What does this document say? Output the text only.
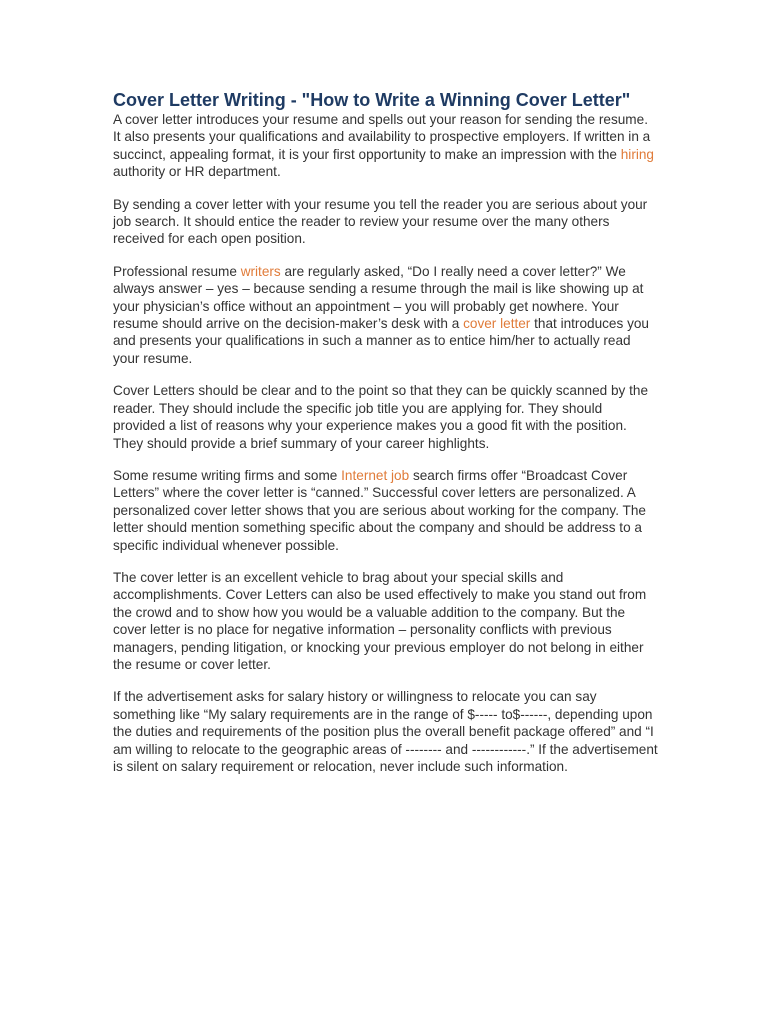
Cover Letter Writing - "How to Write a Winning Cover Letter"

A cover letter introduces your resume and spells out your reason for sending the resume. It also presents your qualifications and availability to prospective employers. If written in a succinct, appealing format, it is your first opportunity to make an impression with the hiring authority or HR department.

By sending a cover letter with your resume you tell the reader you are serious about your job search. It should entice the reader to review your resume over the many others received for each open position.

Professional resume writers are regularly asked, “Do I really need a cover letter?” We always answer – yes – because sending a resume through the mail is like showing up at your physician’s office without an appointment – you will probably get nowhere. Your resume should arrive on the decision-maker’s desk with a cover letter that introduces you and presents your qualifications in such a manner as to entice him/her to actually read your resume.

Cover Letters should be clear and to the point so that they can be quickly scanned by the reader. They should include the specific job title you are applying for. They should provided a list of reasons why your experience makes you a good fit with the position. They should provide a brief summary of your career highlights.

Some resume writing firms and some Internet job search firms offer “Broadcast Cover Letters” where the cover letter is “canned.” Successful cover letters are personalized. A personalized cover letter shows that you are serious about working for the company. The letter should mention something specific about the company and should be address to a specific individual whenever possible.

The cover letter is an excellent vehicle to brag about your special skills and accomplishments. Cover Letters can also be used effectively to make you stand out from the crowd and to show how you would be a valuable addition to the company. But the cover letter is no place for negative information – personality conflicts with previous managers, pending litigation, or knocking your previous employer do not belong in either the resume or cover letter.

If the advertisement asks for salary history or willingness to relocate you can say something like “My salary requirements are in the range of $----- to$------, depending upon the duties and requirements of the position plus the overall benefit package offered” and “I am willing to relocate to the geographic areas of -------- and ------------.” If the advertisement is silent on salary requirement or relocation, never include such information.
